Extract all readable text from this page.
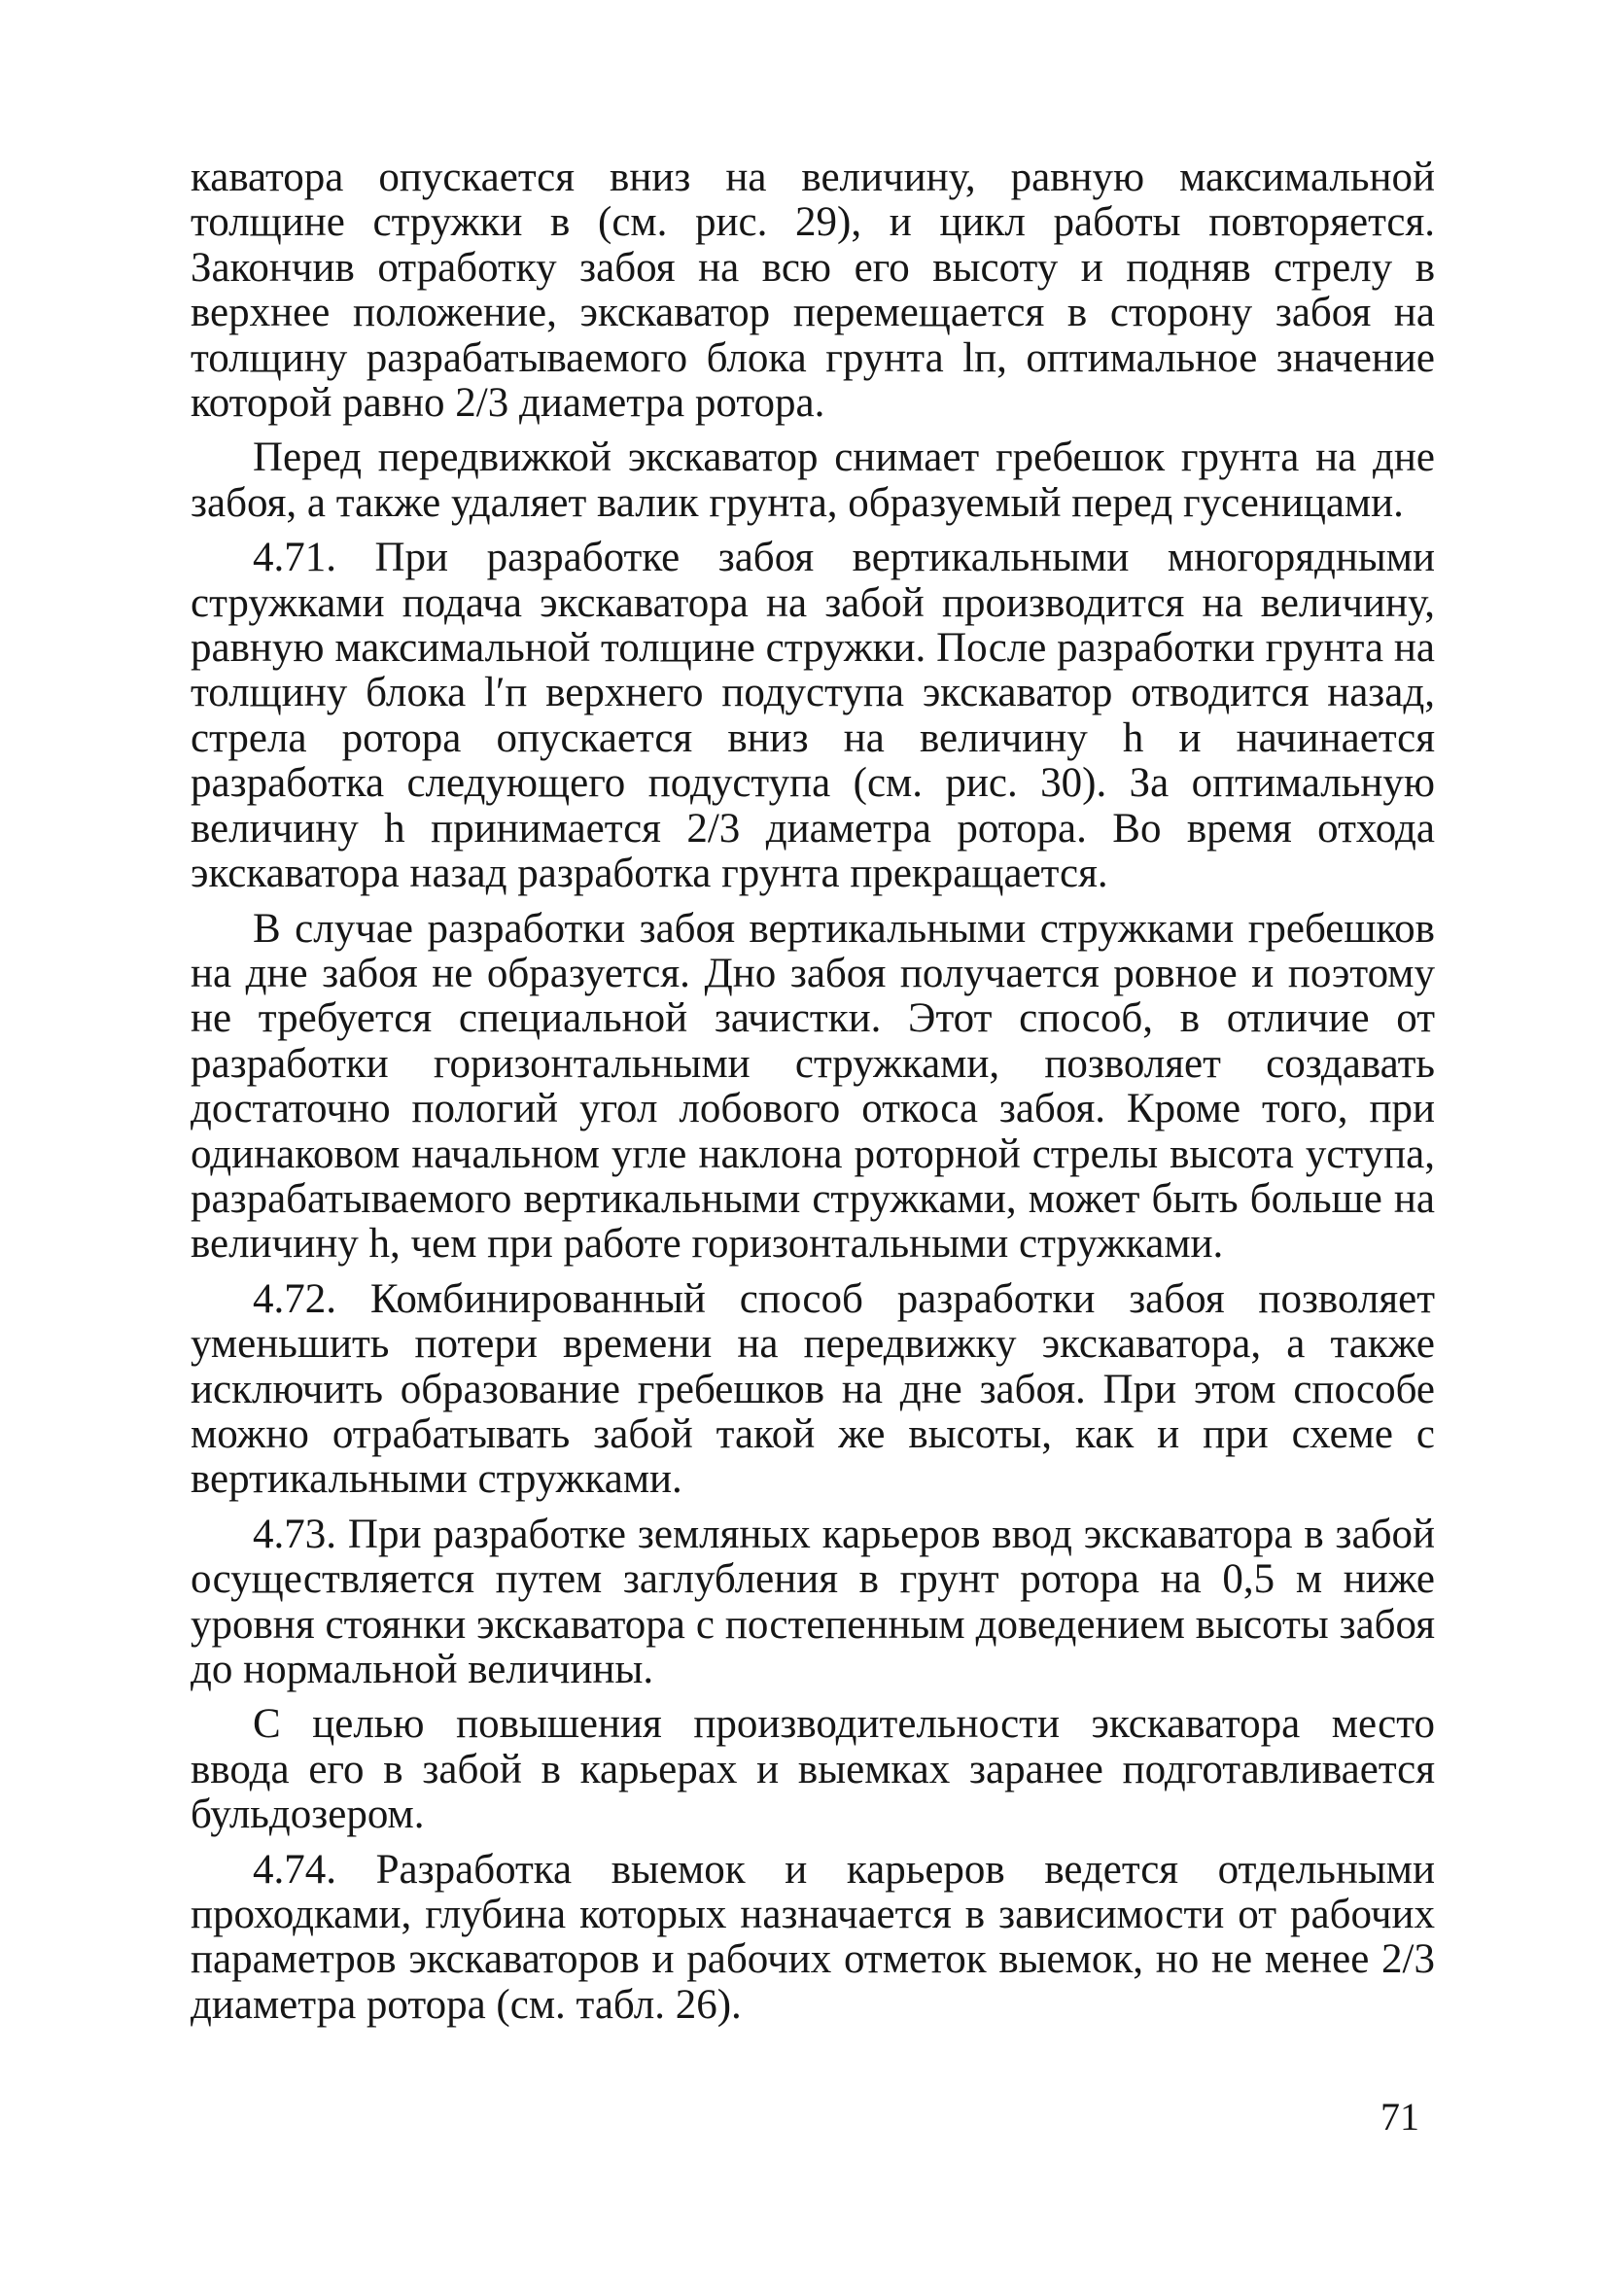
каватора опускается вниз на величину, равную максимальной толщине стружки в (см. рис. 29), и цикл работы повторяется. Закончив отработку забоя на всю его высоту и подняв стрелу в верхнее положение, экскаватор перемещается в сторону забоя на толщину разрабатываемого блока грунта lп, оптимальное значение которой равно 2/3 диаметра ротора.

Перед передвижкой экскаватор снимает гребешок грунта на дне забоя, а также удаляет валик грунта, образуемый перед гусеницами.

4.71. При разработке забоя вертикальными многорядными стружками подача экскаватора на забой производится на величину, равную максимальной толщине стружки. После разработки грунта на толщину блока l′п верхнего подуступа экскаватор отводится назад, стрела ротора опускается вниз на величину h и начинается разработка следующего подуступа (см. рис. 30). За оптимальную величину h принимается 2/3 диаметра ротора. Во время отхода экскаватора назад разработка грунта прекращается.

В случае разработки забоя вертикальными стружками гребешков на дне забоя не образуется. Дно забоя получается ровное и поэтому не требуется специальной зачистки. Этот способ, в отличие от разработки горизонтальными стружками, позволяет создавать достаточно пологий угол лобового откоса забоя. Кроме того, при одинаковом начальном угле наклона роторной стрелы высота уступа, разрабатываемого вертикальными стружками, может быть больше на величину h, чем при работе горизонтальными стружками.

4.72. Комбинированный способ разработки забоя позволяет уменьшить потери времени на передвижку экскаватора, а также исключить образование гребешков на дне забоя. При этом способе можно отрабатывать забой такой же высоты, как и при схеме с вертикальными стружками.

4.73. При разработке земляных карьеров ввод экскаватора в забой осуществляется путем заглубления в грунт ротора на 0,5 м ниже уровня стоянки экскаватора с постепенным доведением высоты забоя до нормальной величины.

С целью повышения производительности экскаватора место ввода его в забой в карьерах и выемках заранее подготавливается бульдозером.

4.74. Разработка выемок и карьеров ведется отдельными проходками, глубина которых назначается в зависимости от рабочих параметров экскаваторов и рабочих отметок выемок, но не менее 2/3 диаметра ротора (см. табл. 26).

71
